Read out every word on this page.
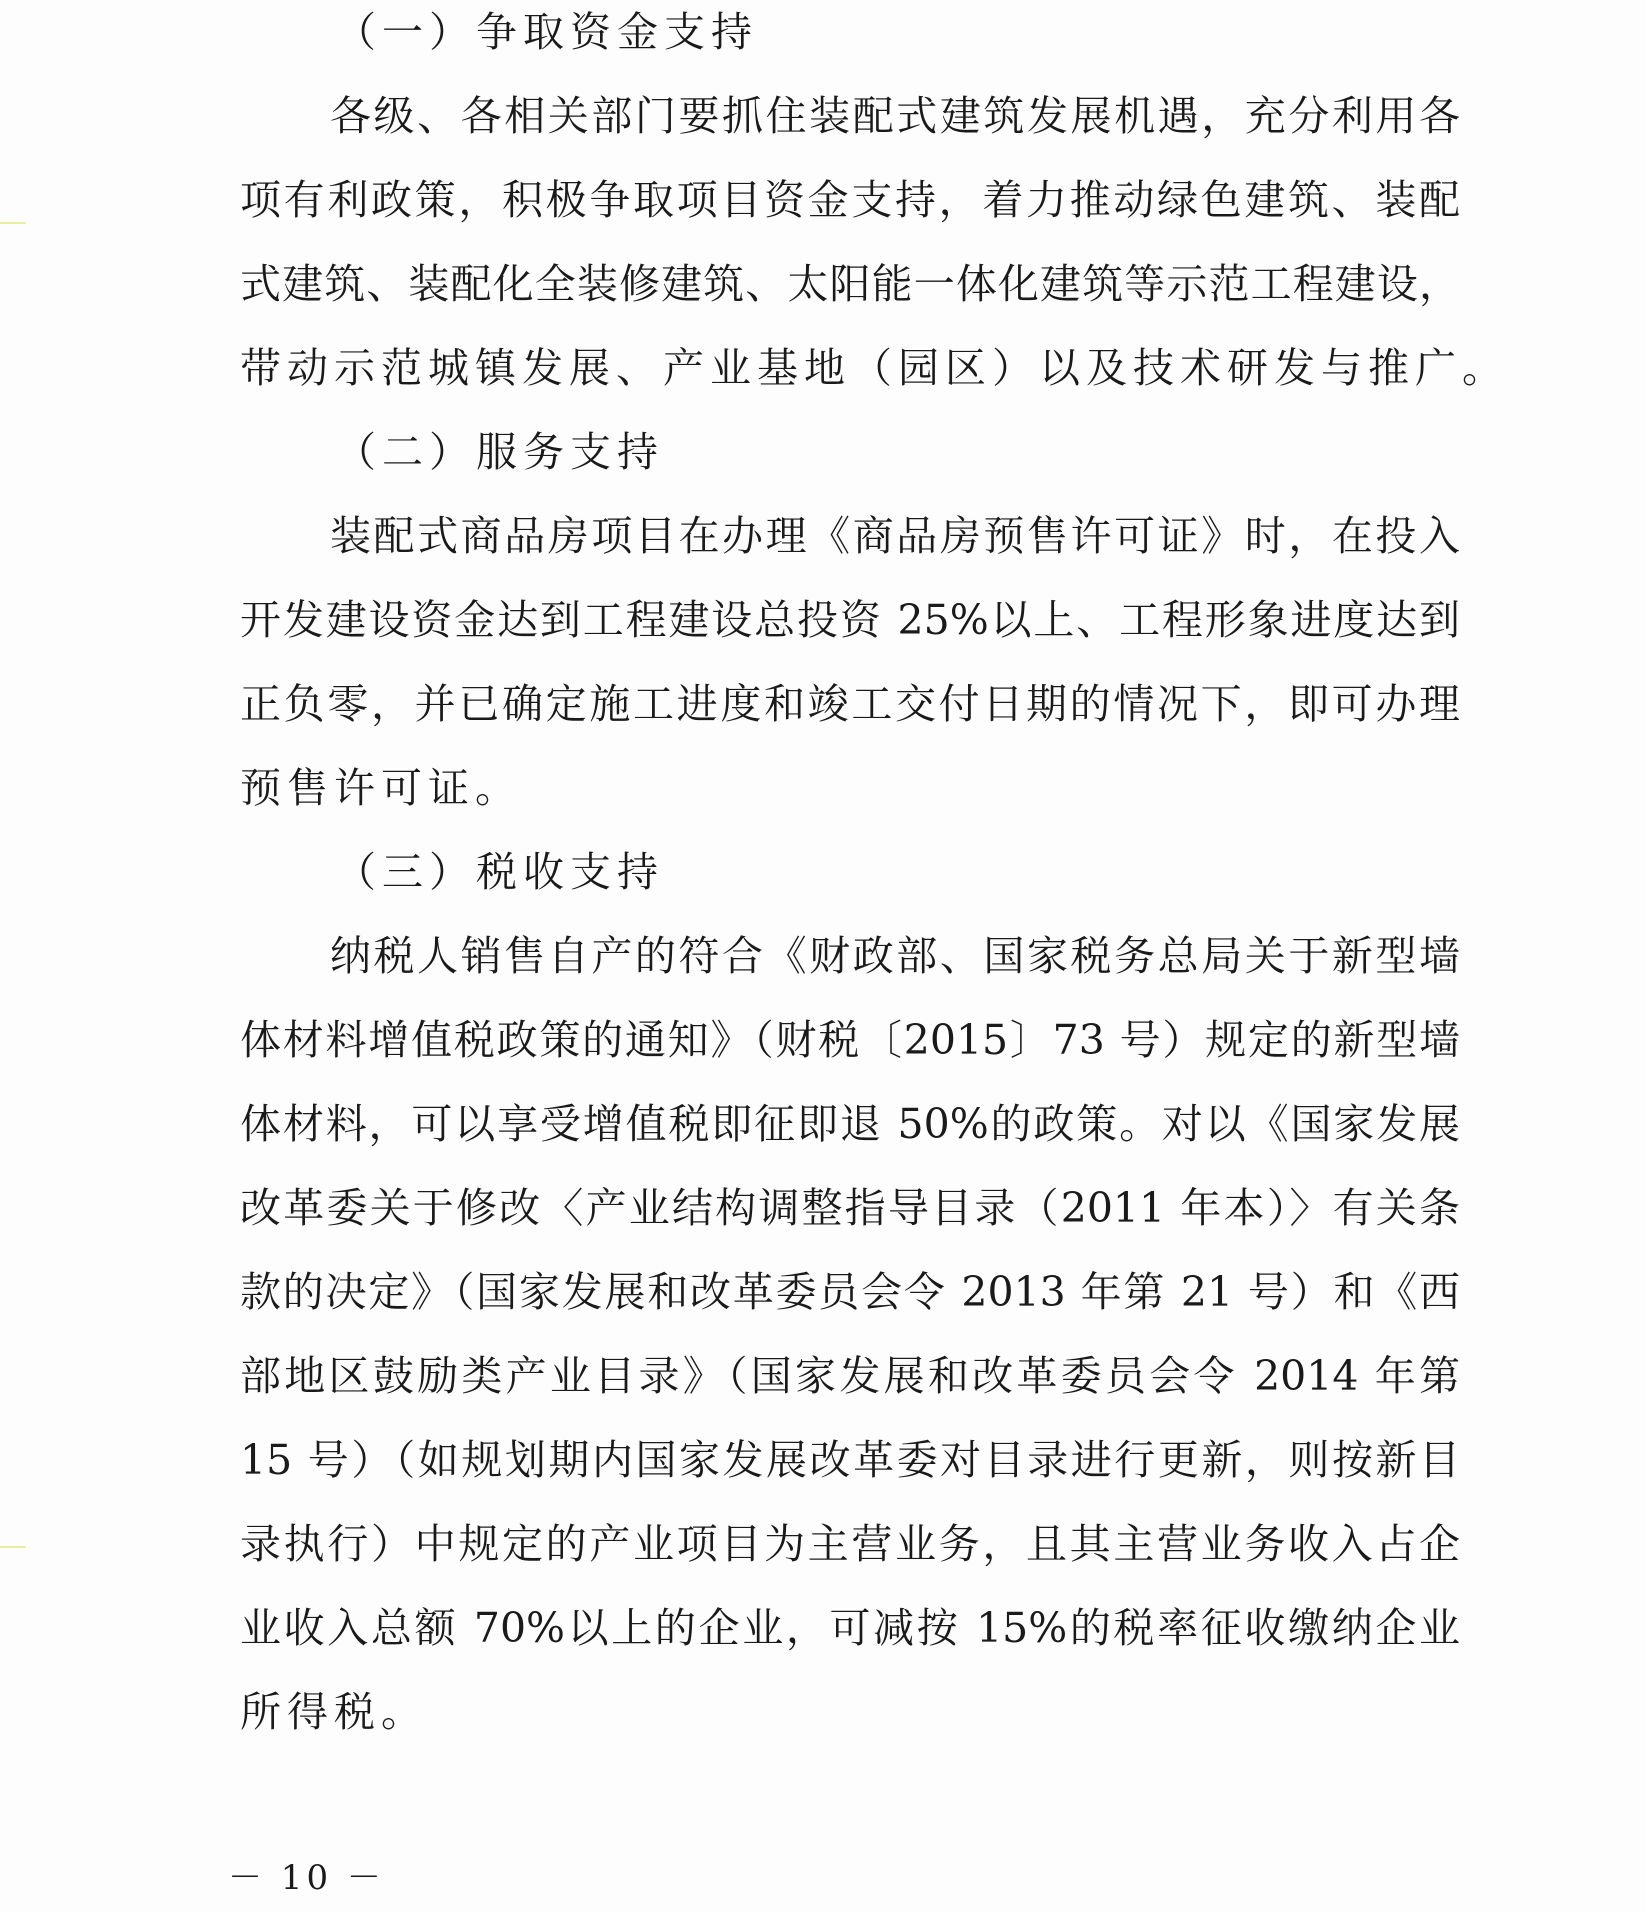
（一）争取资金支持
各级、各相关部门要抓住装配式建筑发展机遇，充分利用各
项有利政策，积极争取项目资金支持，着力推动绿色建筑、装配
式建筑、装配化全装修建筑、太阳能一体化建筑等示范工程建设，
带动示范城镇发展、产业基地（园区）以及技术研发与推广。
（二）服务支持
装配式商品房项目在办理《商品房预售许可证》时，在投入
开发建设资金达到工程建设总投资 25%以上、工程形象进度达到
正负零，并已确定施工进度和竣工交付日期的情况下，即可办理
预售许可证。
（三）税收支持
纳税人销售自产的符合《财政部、国家税务总局关于新型墙
体材料增值税政策的通知》（财税〔2015〕73 号）规定的新型墙
体材料，可以享受增值税即征即退 50%的政策。对以《国家发展
改革委关于修改〈产业结构调整指导目录（2011 年本）〉有关条
款的决定》（国家发展和改革委员会令 2013 年第 21 号）和《西
部地区鼓励类产业目录》（国家发展和改革委员会令 2014 年第
15 号）（如规划期内国家发展改革委对目录进行更新，则按新目
录执行）中规定的产业项目为主营业务，且其主营业务收入占企
业收入总额 70%以上的企业，可减按 15%的税率征收缴纳企业
所得税。
－ 10 －
